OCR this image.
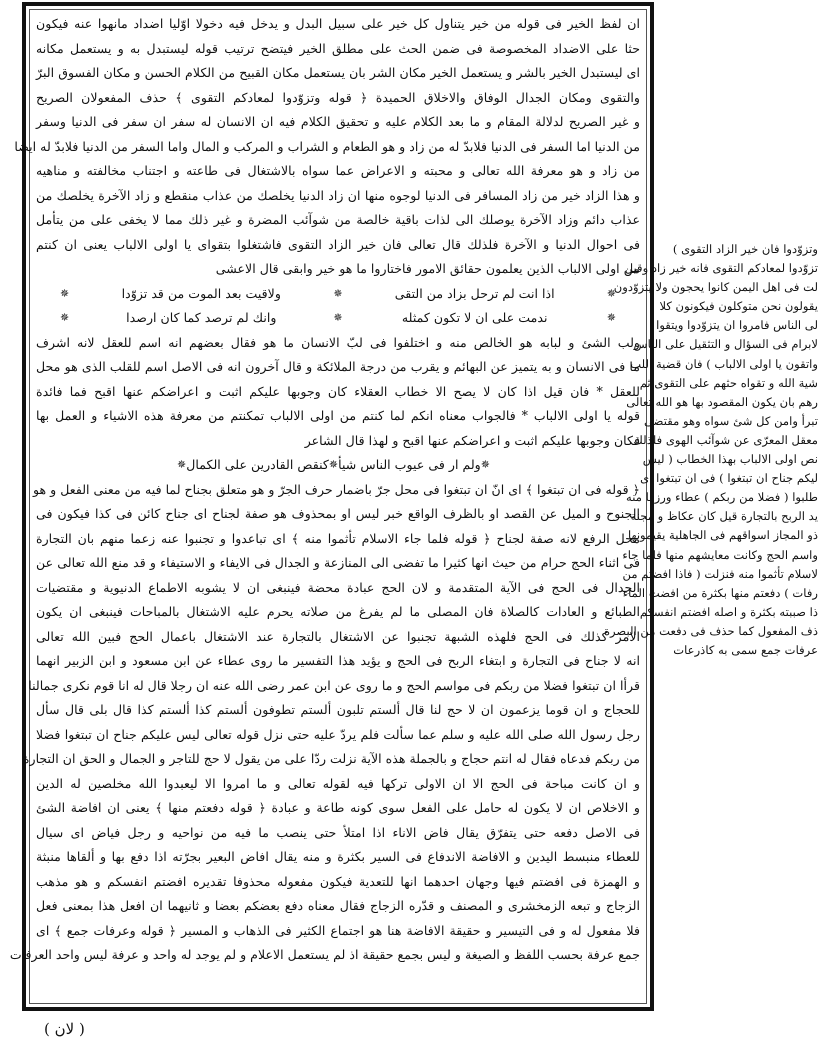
ان لفظ الخير فى قوله من خير يتناول كل خير على سبيل البدل و يدخل فيه دخولا اوّليا اضداد مانهوا عنه فيكون
حثا على الاضداد المخصوصة فى ضمن الحث على مطلق الخير فيتضح ترتيب قوله ليستبدل به و يستعمل مكانه
اى ليستبدل الخير بالشر و يستعمل الخير مكان الشر بان يستعمل مكان القبيح من الكلام الحسن و مكان الفسوق البرّ
والتقوى ومكان الجدال الوفاق والاخلاق الحميدة ﴿ قوله وتزوّدوا لمعادكم التقوى ﴾ حذف المفعولان الصريح
و غير الصريح لدلالة المقام و ما بعد الكلام عليه و تحقيق الكلام فيه ان الانسان له سفر ان سفر فى الدنيا وسفر
من الدنيا اما السفر فى الدنيا فلابدّ له من زاد و هو الطعام و الشراب و المركب و المال واما السفر من الدنيا فلابدّ له ايضا
من زاد و هو معرفة الله تعالى و محبته و الاعراض عما سواه بالاشتغال فى طاعته و اجتناب مخالفته و مناهيه
و هذا الزاد خير من زاد المسافر فى الدنيا لوجوه منها ان زاد الدنيا يخلصك من عذاب منقطع و زاد الآخرة يخلصك من
عذاب دائم وزاد الآخرة يوصلك الى لذات باقية خالصة من شوآئب المضرة و غير ذلك مما لا يخفى على من يتأمل
فى احوال الدنيا و الآخرة فلذلك قال تعالى فان خير الزاد التقوى فاشتغلوا بتقواى يا اولى الالباب يعنى ان كنتم
من اولى الالباب الذين يعلمون حقائق الامور فاختاروا ما هو خير وابقى قال الاعشى
✵
اذا انت لم ترحل بزاد من التقى
✵
ولاقيت بعد الموت من قد تزوّدا
✵
✵
ندمت على ان لا تكون كمثله
✵
وانك لم ترصد كما كان ارصدا
✵
ولب الشئ و لبابه هو الخالص منه و اختلفوا فى لبّ الانسان ما هو فقال بعضهم انه اسم للعقل لانه اشرف
ما فى الانسان و به يتميز عن البهائم و يقرب من درجة الملائكة و قال آخرون انه فى الاصل اسم للقلب الذى هو محل
للعقل * فان قيل اذا كان لا يصح الا خطاب العقلاء كان وجوبها عليكم اثبت و اعراضكم عنها اقبح فما فائدة
قوله يا اولى الالباب * فالجواب معناه انكم لما كنتم من اولى الالباب تمكنتم من معرفة هذه الاشياء و العمل بها
فكان وجوبها عليكم اثبت و اعراضكم عنها اقبح و لهذا قال الشاعر
✵
ولم ار فى عيوب الناس شيأ
✵
كنقص القادرين على الكمال
✵
﴿ قوله فى ان تبتغوا ﴾ اى انّ ان تبتغوا فى محل جرّ باضمار حرف الجرّ و هو متعلق بجناح لما فيه من معنى الفعل و هو
الجنوح و الميل عن القصد او بالظرف الواقع خبر ليس او بمحذوف هو صفة لجناح اى جناح كائن فى كذا فيكون فى
محل الرفع لانه صفة لجناح ﴿ قوله فلما جاء الاسلام تأثموا منه ﴾ اى تباعدوا و تجنبوا عنه زعما منهم بان التجارة
فى اثناء الحج حرام من حيث انها كثيرا ما تفضى الى المنازعة و الجدال فى الايفاء و الاستيفاء و قد منع الله تعالى عن
الجدال فى الحج فى الآية المتقدمة و لان الحج عبادة محضة فينبغى ان لا يشوبه الاطماع الدنيوية و مقتضيات
الطبائع و العادات كالصلاة فان المصلى ما لم يفرغ من صلاته يحرم عليه الاشتغال بالمباحات فينبغى ان يكون
الامر كذلك فى الحج فلهذه الشبهة تجنبوا عن الاشتغال بالتجارة عند الاشتغال باعمال الحج فبين الله تعالى
انه لا جناح فى التجارة و ابتغاء الربح فى الحج و يؤيد هذا التفسير ما روى عطاء عن ابن مسعود و ابن الزبير انهما
قرأا ان تبتغوا فضلا من ربكم فى مواسم الحج و ما روى عن ابن عمر رضى الله عنه ان رجلا قال له انا قوم نكرى جمالنا
للحجاج و ان قوما يزعمون ان لا حج لنا قال ألستم تلبون ألستم تطوفون ألستم كذا ألستم كذا قال بلى قال سأل
رجل رسول الله صلى الله عليه و سلم عما سألت فلم يردّ عليه حتى نزل قوله تعالى ليس عليكم جناح ان تبتغوا فضلا
من ربكم فدعاه فقال له انتم حجاج و بالجملة هذه الآية نزلت ردّا على من يقول لا حج للتاجر و الجمال و الحق ان التجارة
و ان كانت مباحة فى الحج الا ان الاولى تركها فيه لقوله تعالى و ما امروا الا ليعبدوا الله مخلصين له الدين
و الاخلاص ان لا يكون له حامل على الفعل سوى كونه طاعة و عبادة ﴿ قوله دفعتم منها ﴾ يعنى ان افاضة الشئ
فى الاصل دفعه حتى يتفرّق يقال فاض الاناء اذا امتلأ حتى ينصب ما فيه من نواحيه و رجل فياض اى سيال
للعطاء منبسط اليدين و الافاضة الاندفاع فى السير بكثرة و منه يقال افاض البعير بجرّته اذا دفع بها و ألقاها منبثة
و الهمزة فى افضتم فيها وجهان احدهما انها للتعدية فيكون مفعوله محذوفا تقديره افضتم انفسكم و هو مذهب
الزجاج و تبعه الزمخشرى و المصنف و قدّره الزجاج فقال معناه دفع بعضكم بعضا و ثانيهما ان افعل هذا بمعنى فعل
فلا مفعول له و فى التيسير و حقيقة الافاضة هنا هو اجتماع الكثير فى الذهاب و المسير ﴿ قوله وعرفات جمع ﴾ اى
جمع عرفة بحسب اللفظ و الصيغة و ليس بجمع حقيقة اذ لم يستعمل الاعلام و لم يوجد له واحد و عرفة ليس واحد العرفات
وتزوّدوا فان خير الزاد التقوى )
تزوّدوا لمعادكم التقوى فانه خير زاد وقيل
لت فى اهل اليمن كانوا يحجون ولا يتزوّدون
يقولون نحن متوكلون فيكونون كلا
لى الناس فامروا ان يتزوّدوا ويتقوا
لابرام فى السؤال و التثقيل على الناس
واتقون يا اولى الالباب ) فان قضية اللب
شية الله و تقواه حثهم على التقوى ثم
رهم بان يكون المقصود بها هو الله تعالى
تبرأ وامن كل شئ سواه وهو مقتضى
معقل المعرّى عن شوآئب الهوى فلذلك
نص اولى الالباب بهذا الخطاب ( ليس
ليكم جناح ان تبتغوا ) فى ان تبتغوا اى
طلبوا ( فضلا من ربكم ) عطاء ورزقا منه
يد الربح بالتجارة قيل كان عكاظ و مجنة
ذو المجاز اسواقهم فى الجاهلية يقيمونها
واسم الحج وكانت معايشهم منها فلما جاء
لاسلام تأثموا منه فنزلت ( فاذا افضتم من
رفات ) دفعتم منها بكثرة من افضت الماء
ذا صببته بكثرة و اصله افضتم انفسكم
ذف المفعول كما حذف فى دفعت من البصرة
عرفات جمع سمى به كاذرعات
( لان )
